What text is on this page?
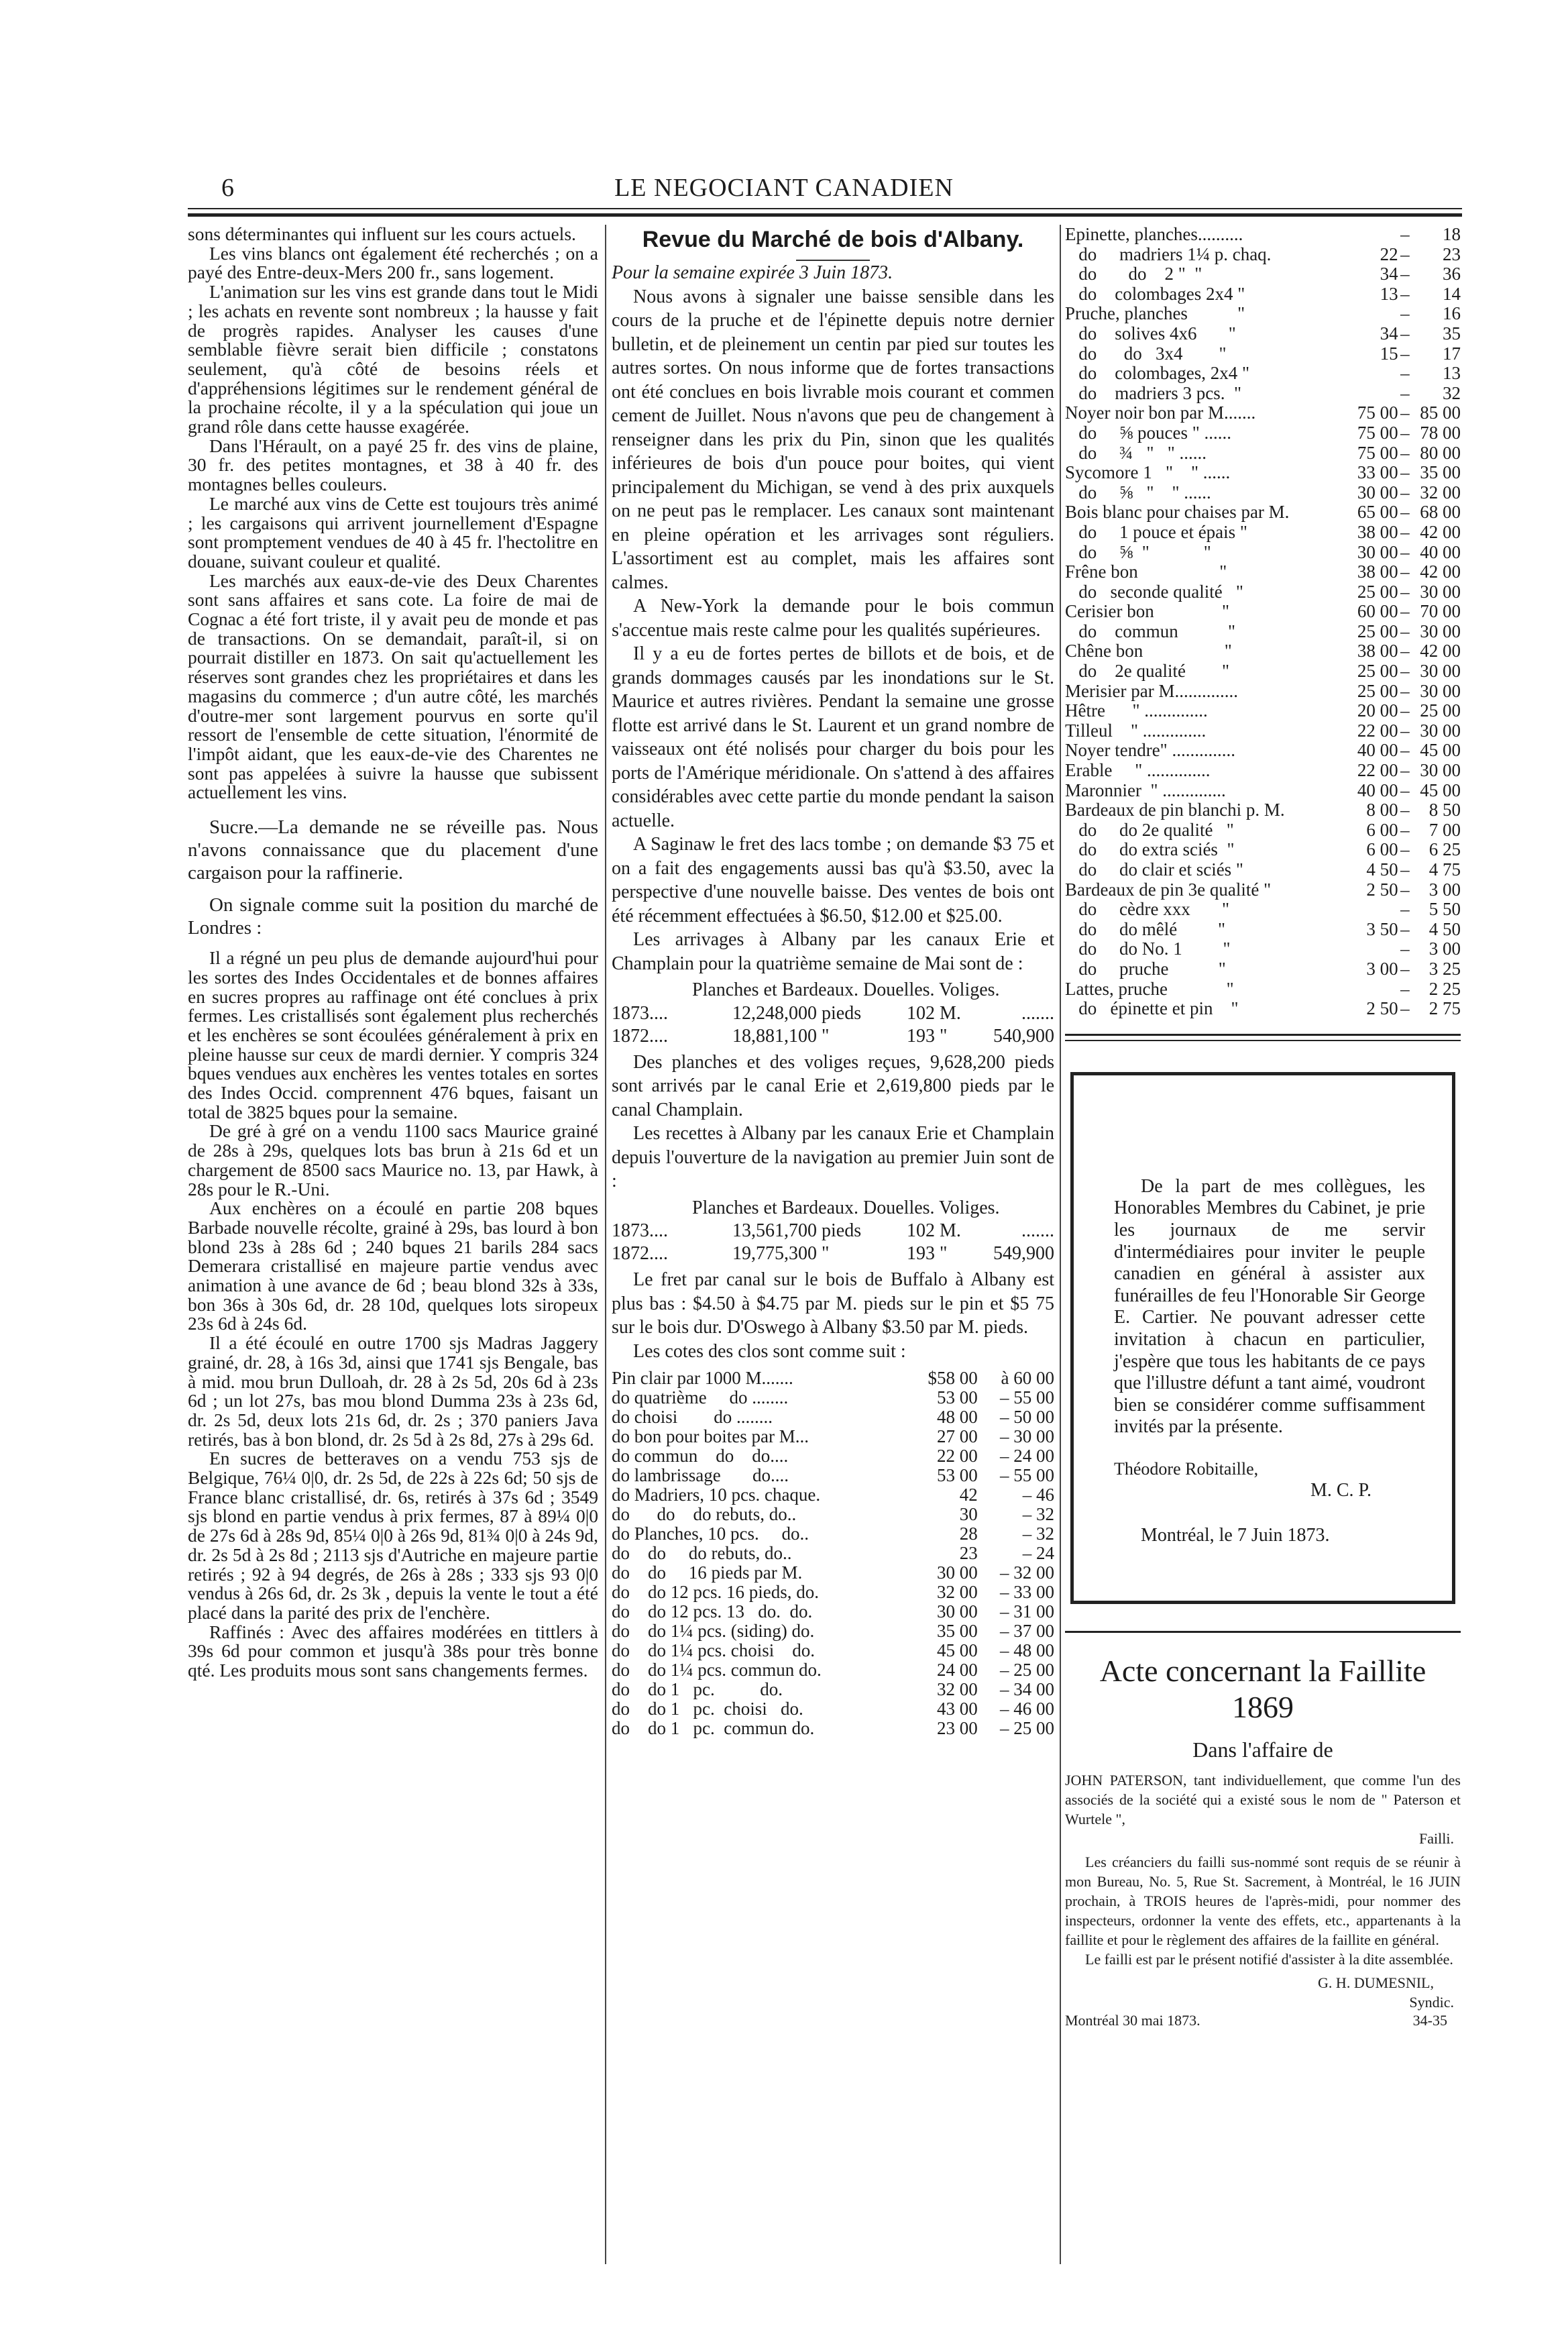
6	LE NEGOCIANT CANADIEN

sons déterminantes qui influent sur les cours actuels.

Les vins blancs ont également été recherchés ; on a payé des Entre-deux-Mers 200 fr., sans logement.

L'animation sur les vins est grande dans tout le Midi ; les achats en revente sont nombreux ; la hausse y fait de progrès rapides. Analyser les causes d'une semblable fièvre serait bien difficile ; constatons seulement, qu'à côté de besoins réels et d'appréhensions légitimes sur le rendement général de la prochaine récolte, il y a la spéculation qui joue un grand rôle dans cette hausse exagérée.

Dans l'Hérault, on a payé 25 fr. des vins de plaine, 30 fr. des petites montagnes, et 38 à 40 fr. des montagnes belles couleurs.

Le marché aux vins de Cette est toujours très animé ; les cargaisons qui arrivent journellement d'Espagne sont promptement vendues de 40 à 45 fr. l'hectolitre en douane, suivant couleur et qualité.

Les marchés aux eaux-de-vie des Deux Charentes sont sans affaires et sans cote. La foire de mai de Cognac a été fort triste, il y avait peu de monde et pas de transactions. On se demandait, paraît-il, si on pourrait distiller en 1873. On sait qu'actuellement les réserves sont grandes chez les propriétaires et dans les magasins du commerce ; d'un autre côté, les marchés d'outre-mer sont largement pourvus en sorte qu'il ressort de l'ensemble de cette situation, l'énormité de l'impôt aidant, que les eaux-de-vie des Charentes ne sont pas appelées à suivre la hausse que subissent actuellement les vins.

Sucre.—La demande ne se réveille pas. Nous n'avons connaissance que du placement d'une cargaison pour la raffinerie.

On signale comme suit la position du marché de Londres :

Il a régné un peu plus de demande aujourd'hui pour les sortes des Indes Occidentales et de bonnes affaires en sucres propres au raffinage ont été conclues à prix fermes. Les cristallisés sont également plus recherchés et les enchères se sont écoulées généralement à prix en pleine hausse sur ceux de mardi dernier. Y compris 324 bques vendues aux enchères les ventes totales en sortes des Indes Occid. comprennent 476 bques, faisant un total de 3825 bques pour la semaine.

De gré à gré on a vendu 1100 sacs Maurice grainé de 28s à 29s, quelques lots bas brun à 21s 6d et un chargement de 8500 sacs Maurice no. 13, par Hawk, à 28s pour le R.-Uni.

Aux enchères on a écoulé en partie 208 bques Barbade nouvelle récolte, grainé à 29s, bas lourd à bon blond 23s à 28s 6d ; 240 bques 21 barils 284 sacs Demerara cristallisé en majeure partie vendus avec animation à une avance de 6d ; beau blond 32s à 33s, bon 36s à 30s 6d, dr. 28 10d, quelques lots siropeux 23s 6d à 24s 6d.

Il a été écoulé en outre 1700 sjs Madras Jaggery grainé, dr. 28, à 16s 3d, ainsi que 1741 sjs Bengale, bas à mid. mou brun Dulloah, dr. 28 à 2s 5d, 20s 6d à 23s 6d ; un lot 27s, bas mou blond Dumma 23s à 23s 6d, dr. 2s 5d, deux lots 21s 6d, dr. 2s ; 370 paniers Java retirés, bas à bon blond, dr. 2s 5d à 2s 8d, 27s à 29s 6d.

En sucres de betteraves on a vendu 753 sjs de Belgique, 76¼ 0|0, dr. 2s 5d, de 22s à 22s 6d; 50 sjs de France blanc cristallisé, dr. 6s, retirés à 37s 6d ; 3549 sjs blond en partie vendus à prix fermes, 87 à 89¼ 0|0 de 27s 6d à 28s 9d, 85¼ 0|0 à 26s 9d, 81¾ 0|0 à 24s 9d, dr. 2s 5d à 2s 8d ; 2113 sjs d'Autriche en majeure partie retirés ; 92 à 94 degrés, de 26s à 28s ; 333 sjs 93 0|0 vendus à 26s 6d, dr. 2s 3k , depuis la vente le tout a été placé dans la parité des prix de l'enchère.

Raffinés : Avec des affaires modérées en tittlers à 39s 6d pour common et jusqu'à 38s pour très bonne qté. Les produits mous sont sans changements fermes.

Revue du Marché de bois d'Albany.

Pour la semaine expirée 3 Juin 1873.

Nous avons à signaler une baisse sensible dans les cours de la pruche et de l'épinette depuis notre dernier bulletin, et de pleinement un centin par pied sur toutes les autres sortes. On nous informe que de fortes transactions ont été conclues en bois livrable mois courant et commen cement de Juillet. Nous n'avons que peu de changement à renseigner dans les prix du Pin, sinon que les qualités inférieures de bois d'un pouce pour boites, qui vient principalement du Michigan, se vend à des prix auxquels on ne peut pas le remplacer. Les canaux sont maintenant en pleine opération et les arrivages sont réguliers. L'assortiment est au complet, mais les affaires sont calmes.

A New-York la demande pour le bois commun s'accentue mais reste calme pour les qualités supérieures.

Il y a eu de fortes pertes de billots et de bois, et de grands dommages causés par les inondations sur le St. Maurice et autres rivières. Pendant la semaine une grosse flotte est arrivé dans le St. Laurent et un grand nombre de vaisseaux ont été nolisés pour charger du bois pour les ports de l'Amérique méridionale. On s'attend à des affaires considérables avec cette partie du monde pendant la saison actuelle.

A Saginaw le fret des lacs tombe ; on demande $3 75 et on a fait des engagements aussi bas qu'à $3.50, avec la perspective d'une nouvelle baisse. Des ventes de bois ont été récemment effectuées à $6.50, $12.00 et $25.00.

Les arrivages à Albany par les canaux Erie et Champlain pour la quatrième semaine de Mai sont de :

Planches et Bardeaux. Douelles. Voliges.

1873....	12,248,000 pieds	102 M.	.......
1872....	18,881,100 "	193 "	540,900

Des planches et des voliges reçues, 9,628,200 pieds sont arrivés par le canal Erie et 2,619,800 pieds par le canal Champlain.

Les recettes à Albany par les canaux Erie et Champlain depuis l'ouverture de la navigation au premier Juin sont de :

Planches et Bardeaux. Douelles. Voliges.

1873....	13,561,700 pieds	102 M.	.......
1872....	19,775,300 "	193 "	549,900

Le fret par canal sur le bois de Buffalo à Albany est plus bas : $4.50 à $4.75 par M. pieds sur le pin et $5 75 sur le bois dur. D'Oswego à Albany $3.50 par M. pieds.

Les cotes des clos sont comme suit :

Pin clair par 1000 M.......	$58 00	à 60 00
do quatrième     do ........	53 00	– 55 00
do choisi        do ........	48 00	– 50 00
do bon pour boites par M...	27 00	– 30 00
do commun    do    do....	22 00	– 24 00
do lambrissage       do....	53 00	– 55 00
do Madriers, 10 pcs. chaque.	42	– 46
do      do    do rebuts, do..	30	– 32
do Planches, 10 pcs.     do..	28	– 32
do    do     do rebuts, do..	23	– 24
do    do     16 pieds par M.	30 00	– 32 00
do    do 12 pcs. 16 pieds, do.	32 00	– 33 00
do    do 12 pcs. 13   do.  do.	30 00	– 31 00
do    do 1¼ pcs. (siding) do.	35 00	– 37 00
do    do 1¼ pcs. choisi    do.	45 00	– 48 00
do    do 1¼ pcs. commun do.	24 00	– 25 00
do    do 1   pc.          do.	32 00	– 34 00
do    do 1   pc.  choisi   do.	43 00	– 46 00
do    do 1   pc.  commun do.	23 00	– 25 00
Epinette, planches..........		–	18
do     madriers 1¼ p. chaq.	22	–	23
do       do    2 "  "	34	–	36
do    colombages 2x4 "	13	–	14
Pruche, planches           "		–	16
do    solives 4x6       "	34	–	35
do      do   3x4        "	15	–	17
do    colombages, 2x4 "		–	13
do    madriers 3 pcs.  "		–	32
Noyer noir bon par M.......	75 00	–	85 00
do     ⅝ pouces " ......	75 00	–	78 00
do     ¾   "   " ......	75 00	–	80 00
Sycomore 1   "    " ......	33 00	–	35 00
do     ⅝   "    " ......	30 00	–	32 00
Bois blanc pour chaises par M.	65 00	–	68 00
do     1 pouce et épais "	38 00	–	42 00
do     ⅝  "            "	30 00	–	40 00
Frêne bon                  "	38 00	–	42 00
do   seconde qualité   "	25 00	–	30 00
Cerisier bon               "	60 00	–	70 00
do    commun           "	25 00	–	30 00
Chêne bon                  "	38 00	–	42 00
do    2e qualité        "	25 00	–	30 00
Merisier par M..............	25 00	–	30 00
Hêtre      " ..............	20 00	–	25 00
Tilleul    " ..............	22 00	–	30 00
Noyer tendre" ..............	40 00	–	45 00
Erable     " ..............	22 00	–	30 00
Maronnier  " ..............	40 00	–	45 00
Bardeaux de pin blanchi p. M.	8 00	–	8 50
do     do 2e qualité   "	6 00	–	7 00
do     do extra sciés  "	6 00	–	6 25
do     do clair et sciés "	4 50	–	4 75
Bardeaux de pin 3e qualité "	2 50	–	3 00
do     cèdre xxx       "		–	5 50
do     do mêlé         "	3 50	–	4 50
do     do No. 1         "		–	3 00
do     pruche           "	3 00	–	3 25
Lattes, pruche             "		–	2 25
do   épinette et pin    "	2 50	–	2 75

De la part de mes collègues, les Honorables Membres du Cabinet, je prie les journaux de me servir d'intermédiaires pour inviter le peuple canadien en général à assister aux funérailles de feu l'Honorable Sir George E. Cartier. Ne pouvant adresser cette invitation à chacun en particulier, j'espère que tous les habitants de ce pays que l'illustre défunt a tant aimé, voudront bien se considérer comme suffisamment invités par la présente.

Théodore Robitaille,

M. C. P.

Montréal, le 7 Juin 1873.

Acte concernant la Faillite 1869
Dans l'affaire de

JOHN PATERSON, tant individuellement, que comme l'un des associés de la société qui a existé sous le nom de " Paterson et Wurtele ",

Failli.

Les créanciers du failli sus-nommé sont requis de se réunir à mon Bureau, No. 5, Rue St. Sacrement, à Montréal, le 16 JUIN prochain, à TROIS heures de l'après-midi, pour nommer des inspecteurs, ordonner la vente des effets, etc., appartenants à la faillite et pour le règlement des affaires de la faillite en général.

Le failli est par le présent notifié d'assister à la dite assemblée.

G. H. DUMESNIL,

Syndic.

Montréal 30 mai 1873.	34-35
